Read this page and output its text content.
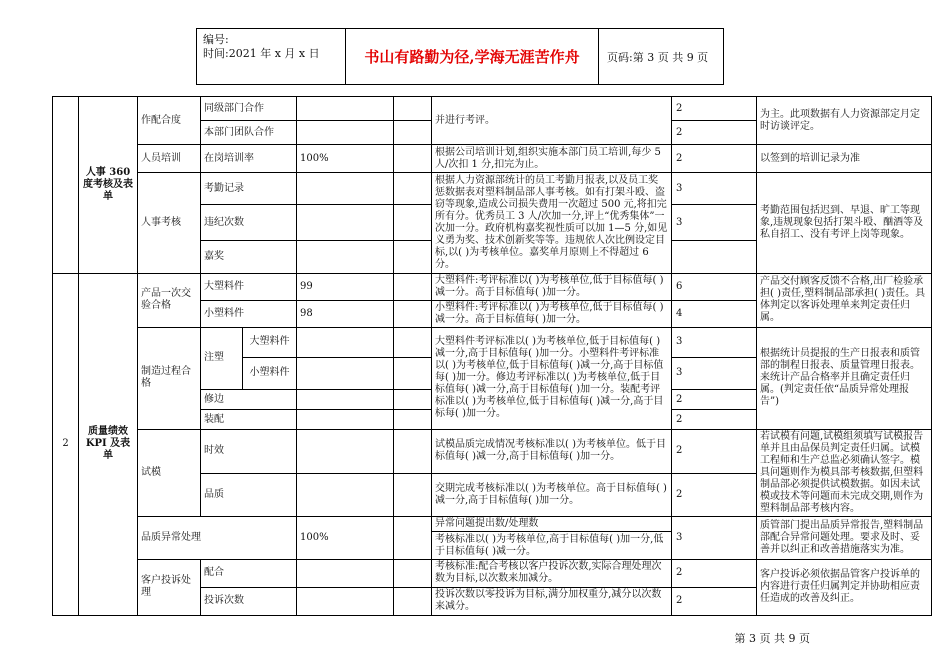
编号:
时间:2021 年 x 月 x 日	书山有路勤为径,学海无涯苦作舟	页码:第 3 页 共 9 页
	人事 360 度考核及表单	作配合度	同级部门合作				并进行考评。	2	为主。此项数据有人力资源部定月定时访谈评定。
			本部门团队合作					2	
		人员培训	在岗培训率		100%		根据公司培训计划,组织实施本部门员工培训,每少 5 人/次扣 1 分,扣完为止。	2	以签到的培训记录为准
		人事考核	考勤记录				根据人力资源部统计的员工考勤月报表,以及员工奖惩数据表对塑料制品部人事考核。如有打架斗殴、盗窃等现象,造成公司损失费用一次超过 500 元,将扣完所有分。优秀员工 3 人/次加一分,评上“优秀集体”一次加一分。政府机构嘉奖视性质可以加 1—5 分,如见义勇为奖、技术创新奖等等。违规依人次比例设定目标,以( )为考核单位。嘉奖单月原则上不得超过 6 分。	3	考勤范围包括迟到、早退、旷工等现象,违规现象包括打架斗殴、酗酒等及私自招工、没有考评上岗等现象。
			违纪次数					3	
			嘉奖						

2	质量绩效 KPI 及表单	产品一次交验合格	大塑料件		99		大塑料件:考评标准以( )为考核单位,低于目标值每( )减一分。高于目标值每( )加一分。	6	产品交付顾客反馈不合格,出厂检验承担( )责任,塑料制品部承担( )责任。具体判定以客诉处理单来判定责任归属。
			小塑料件		98		小塑料件:考评标准以( )为考核单位,低于目标值每( )减一分。高于目标值每( )加一分。	4	
		制造过程合格	注塑	大塑料件			大塑料件考评标准以( )为考核单位,低于目标值每( )减一分,高于目标值每( )加一分。小塑料件考评标准以( )为考核单位,低于目标值每( )减一分,高于目标值每( )加一分。修边考评标准以( )为考核单位,低于目标值每( )减一分,高于目标值每( )加一分。装配考评标准以( )为考核单位,低于目标值每( )减一分,高于目标每( )加一分。	3	根据统计员提报的生产日报表和质管部的制程日报表、质量管理日报表。来统计产品合格率并且确定责任归属。(判定责任依“品质异常处理报告”)
				小塑料件				3	
			修边					2	
			装配					2	
		试模	时效				试模品质完成情况考核标准以( )为考核单位。低于目标值每( )减一分,高于目标值每( )加一分。	2	若试模有问题,试模组须填写试模报告单并且由品保员判定责任归属。试模工程师和生产总监必须确认签字。模具问题则作为模具部考核数据,但塑料制品部必须提供试模数据。如因未试模或技术等问题而未完成交期,则作为塑料制品部考核内容。
			品质				交期完成考核标准以( )为考核单位。高于目标值每( )减一分,高于目标值每( )加一分。	2	
		品质异常处理			100%		异常问题提出数/处理数	3	质管部门提出品质异常报告,塑料制品部配合异常问题处理。要求及时、妥善并以纠正和改善措施落实为准。
							考核标准以( )为考核单位,高于目标值每( )加一分,低于目标值每( )减一分。		
		客户投诉处理	配合				考核标准:配合考核以客户投诉次数,实际合理处理次数为目标,以次数来加减分。	2	客户投诉必须依据品管客户投诉单的内容进行责任归属判定并协助相应责任造成的改善及纠正。
			投诉次数				投诉次数以零投诉为目标,满分加权重分,减分以次数来减分。	2	
第 3 页 共 9 页
